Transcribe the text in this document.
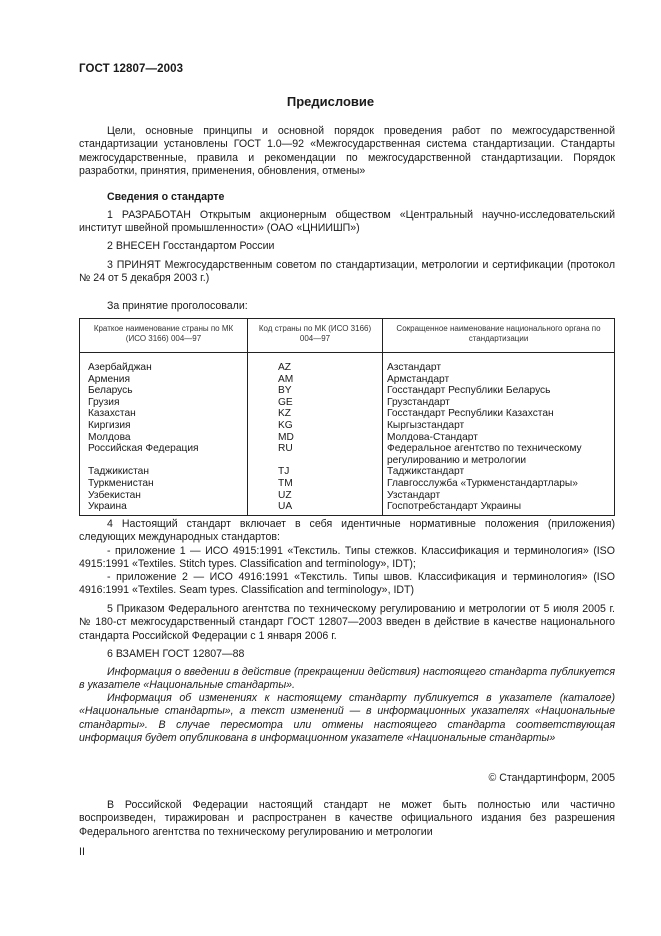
ГОСТ 12807—2003
Предисловие

Цели, основные принципы и основной порядок проведения работ по межгосударственной стандартизации установлены ГОСТ 1.0—92 «Межгосударственная система стандартизации. Стандарты межгосударственные, правила и рекомендации по межгосударственной стандартизации. Порядок разработки, принятия, применения, обновления, отмены»

Сведения о стандарте

1 РАЗРАБОТАН Открытым акционерным обществом «Центральный научно-исследовательский институт швейной промышленности» (ОАО «ЦНИИШП»)

2 ВНЕСЕН Госстандартом России

3 ПРИНЯТ Межгосударственным советом по стандартизации, метрологии и сертификации (протокол № 24 от 5 декабря 2003 г.)

За принятие проголосовали:

Краткое наименование страны по МК (ИСО 3166) 004—97	Код страны по МК (ИСО 3166) 004—97	Сокращенное наименование национального органа по стандартизации
Азербайджан	AZ	Азстандарт
Армения	AM	Армстандарт
Беларусь	BY	Госстандарт Республики Беларусь
Грузия	GE	Грузстандарт
Казахстан	KZ	Госстандарт Республики Казахстан
Киргизия	KG	Кыргызстандарт
Молдова	MD	Молдова-Стандарт
Российская Федерация	RU	Федеральное агентство по техническому регулированию и метрологии
Таджикистан	TJ	Таджикстандарт
Туркменистан	TM	Главгосслужба «Туркменстандартлары»
Узбекистан	UZ	Узстандарт
Украина	UA	Госпотребстандарт Украины

4 Настоящий стандарт включает в себя идентичные нормативные положения (приложения) следующих международных стандартов:

- приложение 1 — ИСО 4915:1991 «Текстиль. Типы стежков. Классификация и терминология» (ISO 4915:1991 «Textiles. Stitch types. Classification and terminology», IDT);

- приложение 2 — ИСО 4916:1991 «Текстиль. Типы швов. Классификация и терминология» (ISO 4916:1991 «Textiles. Seam types. Classification and terminology», IDT)

5 Приказом Федерального агентства по техническому регулированию и метрологии от 5 июля 2005 г. № 180-ст межгосударственный стандарт ГОСТ 12807—2003 введен в действие в качестве национального стандарта Российской Федерации с 1 января 2006 г.

6 ВЗАМЕН ГОСТ 12807—88

Информация о введении в действие (прекращении действия) настоящего стандарта публикуется в указателе «Национальные стандарты».

Информация об изменениях к настоящему стандарту публикуется в указателе (каталоге) «Национальные стандарты», а текст изменений — в информационных указателях «Национальные стандарты». В случае пересмотра или отмены настоящего стандарта соответствующая информация будет опубликована в информационном указателе «Национальные стандарты»

© Стандартинформ, 2005

В Российской Федерации настоящий стандарт не может быть полностью или частично воспроизведен, тиражирован и распространен в качестве официального издания без разрешения Федерального агентства по техническому регулированию и метрологии

II
